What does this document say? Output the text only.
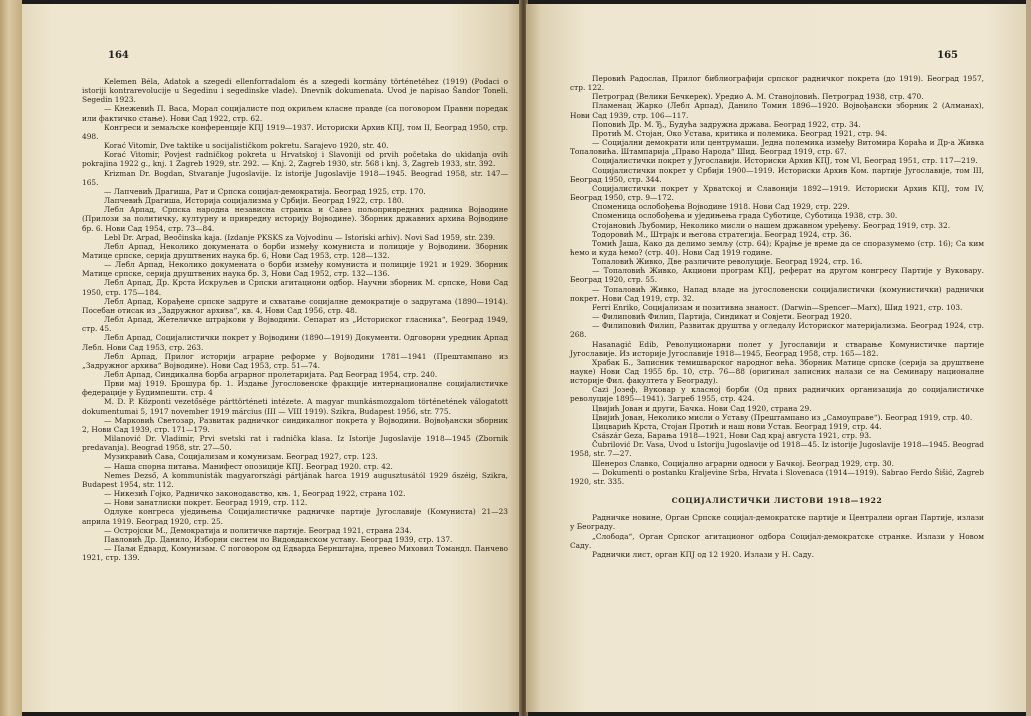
164

Kelemen Béla, Adatok a szegedi ellenforradalom és a szegedi kormány történetéhez (1919) (Podaci o istoriji kontrarevolucije u Segedinu i segedinske vlade). Dnevnik dokumenata. Uvod je napisao Šandor Toneli. Segedin 1923.

— Кнежевић П. Васа, Морал социјалисте под окриљем класне правде (са поговором Правни поредак или фактичко стање). Нови Сад 1922, стр. 62.

Конгреси и земаљске конференције КПЈ 1919—1937. Историски Архив КПЈ, том II, Београд 1950, стр. 498.

Korać Vitomir, Dve taktike u socijalističkom pokretu. Sarajevo 1920, str. 40.

Korać Vitomir, Povjest radničkog pokreta u Hrvatskoj i Slavoniji od prvih početaka do ukidanja ovih pokrajina 1922 g., knj. 1 Zagreb 1929, str. 292. — Knj. 2, Zagreb 1930, str. 568 i knj. 3, Zagreb 1933, str. 392.

Krizman Dr. Bogdan, Stvaranje Jugoslavije. Iz istorije Jugoslavije 1918—1945. Beograd 1958, str. 147—165.

— Лапчевић Драгиша, Рат и Српска социјал-демократија. Београд 1925, стр. 170.

Лапчевић Драгиша, Историја социјализма у Србији. Београд 1922, стр. 180.

Лебл Арпад, Српска народна независна странка и Савез пољопривредних радника Војводине (Прилози за политичку, културну и привредну историју Војводине). Зборник државних архива Војводине бр. 6. Нови Сад 1954, стр. 73—84.

Lebl Dr. Arpad, Beočinska kaja. (Izdanje PKSKS za Vojvodinu — Istoriski arhiv). Novi Sad 1959, str. 239.

Лебл Арпад, Неколико докумената о борби између комуниста и полиције у Војводини. Зборник Матице српске, серија друштвених наука бр. 6, Нови Сад 1953, стр. 128—132.

— Лебл Арпад, Неколико докумената о борби између комуниста и полиције 1921 и 1929. Зборник Матице српске, серија друштвених наука бр. 3, Нови Сад 1952, стр. 132—136.

Лебл Арпад, Др. Крста Искруљев и Српски агитациони одбор. Научни зборник М. српске, Нови Сад 1950, стр. 175—184.

Лебл Арпад, Корађене српске задруге и схватање социјалне демократије о задругама (1890—1914). Посебан отисак из „Задружног архива“, кв. 4, Нови Сад 1956, стр. 48.

Лебл Арпад, Жетеличке штрајкови у Војводини. Сепарат из „Историског гласника“, Београд 1949, стр. 45.

Лебл Арпад, Социјалистички покрет у Војводини (1890—1919) Документи. Одговорни уредник Арпад Лебл. Нови Сад 1953, стр. 263.

Лебл Арпад, Прилог историји аграрне реформе у Војводини 1781—1941 (Прештампано из „Задружног архива“ Војводине). Нови Сад 1953, стр. 51—74.

Лебл Арпад, Синдикална борба аграрног пролетаријата. Рад Београд 1954, стр. 240.

Први мај 1919. Брошура бр. 1. Издање Југословенске фракције интернационалне социјалистичке федерације у Будимпешти. стр. 4

M. D. P. Központi vezetősége párttörténeti intézete. A magyar munkásmozgalom történetének válogatott dokumentumai 5, 1917 november 1919 március (III — VIII 1919). Szikra, Budapest 1956, str. 775.

— Марковић Светозар, Развитак радничког синдикалног покрета у Војводини. Војвођански зборник 2, Нови Сад 1939, стр. 171—179.

Milanović Dr. Vladimir, Prvi svetski rat i radnička klasa. Iz Istorije Jugoslavije 1918—1945 (Zbornik predavanja). Beograd 1958, str. 27—50.

Музикравић Сава, Социјализам и комунизам. Београд 1927, стр. 123.

— Наша спорна питања. Манифест опозиције КПЈ. Београд 1920. стр. 42.

Nemes Dezső, A kommunisták magyarországi pártjának harca 1919 augusztusától 1929 őszéig, Szikra, Budapest 1954, str. 112.

— Никезић Гојко, Радничко законодавство, књ. 1, Београд 1922, страна 102.

— Нови занатлиски покрет. Београд 1919, стр. 112.

Одлуке конгреса уједињења Социјалистичке радничке партије Југославије (Комуниста) 21—23 априла 1919. Београд 1920, стр. 25.

— Остројски М., Демократија и политичке партије. Београд 1921, страна 234.

Павловић Др. Данило, Изборни систем по Видовданском уставу. Београд 1939, стр. 137.

— Паљи Едвард, Комунизам. С поговором од Едварда Бернштајна, превео Миховил Томандл. Панчево 1921, стр. 139.

165

Перовић Радослав, Прилог библиографији српског радничког покрета (до 1919). Београд 1957, стр. 122.

Петроград (Велики Бечкерек). Уредио А. М. Станојловић. Петроград 1938, стр. 470.

Пламенац Жарко (Лебл Арпад), Данило Томин 1896—1920. Војвођански зборник 2 (Алманах), Нови Сад 1939, стр. 106—117.

Поповић Др. М. Ђ., Будућа задружна држава. Београд 1922, стр. 34.

Протић М. Стојан, Око Устава, критика и полемика. Београд 1921, стр. 94.

— Социјални демократи или центрумаши. Једна полемика између Витомира Кораћа и Др-а Живка Топаловића. Штампарија „Право Народа“ Шид. Београд 1919, стр. 67.

Социјалистички покрет у Југославији. Историски Архив КПЈ, том VI, Београд 1951, стр. 117—219.

Социјалистички покрет у Србији 1900—1919. Историски Архив Ком. партије Југославије, том III, Београд 1950, стр. 344.

Социјалистички покрет у Хрватској и Славонији 1892—1919. Историски Архив КПЈ, том IV, Београд 1950, стр. 9—172.

Споменица ослобођења Војводине 1918. Нови Сад 1929, стр. 229.

Споменица ослобођења и уједињења града Суботице, Суботица 1938, стр. 30.

Стојановић Љубомир, Неколико мисли о нашем државном уређењу. Београд 1919, стр. 32.

Тодоровић М., Штрајк и његова стратегија. Београд 1924, стр. 36.

Томић Јаша, Како да делимо земљу (стр. 64); Крајње је време да се споразумемо (стр. 16); Са ким ћемо и куда ћемо? (стр. 40). Нови Сад 1919 године.

Топаловић Живко, Две различите револуције. Београд 1924, стр. 16.

— Топаловић Живко, Акциони програм КПЈ, реферат на другом конгресу Партије у Вуковару. Београд 1920, стр. 55.

— Топаловић Живко, Напад владе на југословенски социјалистички (комунистички) раднички покрет. Нови Сад 1919, стр. 32.

Ferri Enriko, Социјализам и позитивна знаност. (Darwin—Spencer—Marx), Шид 1921, стр. 103.

— Филиповић Филип, Партија, Синдикат и Совјети. Београд 1920.

— Филиповић Филип, Развитак друштва у огледалу Историског материјализма. Београд 1924, стр. 268.

Hasanagić Edib, Револуционарни полет у Југославији и стварање Комунистичке партије Југославије. Из историје Југославије 1918—1945, Београд 1958, стр. 165—182.

Храбак Б., Записник темишварског народног већа. Зборник Матице српске (серија за друштвене науке) Нови Сад 1955 бр. 10, стр. 76—88 (оригинал записник налази се на Семинару националне историје Фил. факултета у Београду).

Cazi Јозеф, Вуковар у класној борби (Од првих радничких организација до социјалистичке револуције 1895—1941). Загреб 1955, стр. 424.

Цвијић Јован и други, Бачка. Нови Сад 1920, страна 29.

Цвијић Јован, Неколико мисли о Уставу (Прештампано из „Самоуправе“). Београд 1919, стр. 40.

Цицварић Крста, Стојан Протић и наш нови Устав. Београд 1919, стр. 44.

Császár Geza, Барања 1918—1921, Нови Сад крај августа 1921, стр. 93.

Čubrilović Dr. Vasa, Uvod u Istoriju Jugoslavije od 1918—45. Iz istorije Jugoslavije 1918—1945. Beograd 1958, str. 7—27.

Шенероз Славко, Социјално аграрни односи у Бачкој. Београд 1929, стр. 30.

— Dokumenti o postanku Kraljevine Srba, Hrvata i Slovenaca (1914—1919). Sabrao Ferdo Šišić, Zagreb 1920, str. 335.

СОЦИЈАЛИСТИЧКИ ЛИСТОВИ 1918—1922

Радничке новине, Орган Српске социјал-демократске партије и Централни орган Партије, излази у Београду.

„Слобода“, Орган Српског агитационог одбора Социјал-демократске странке. Излази у Новом Саду.

Раднички лист, орган КПЈ од 12 1920. Излази у Н. Саду.
